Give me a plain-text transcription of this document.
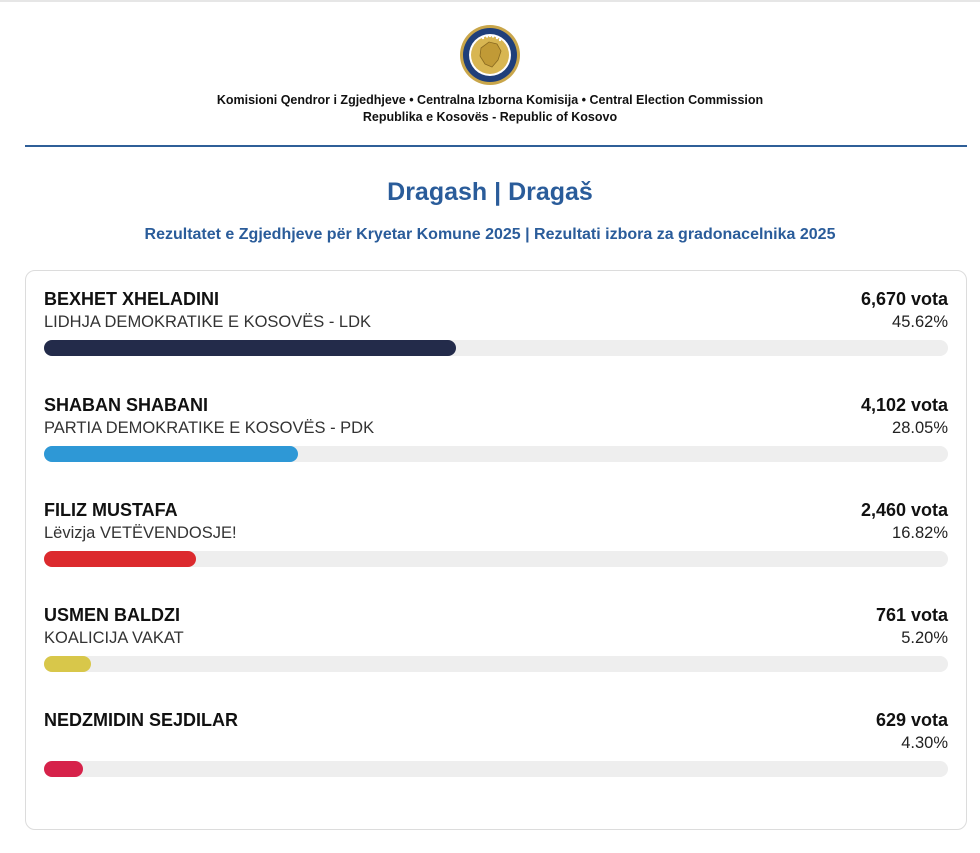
Komisioni Qendror i Zgjedhjeve • Centralna Izborna Komisija • Central Election Commission
Republika e Kosovës - Republic of Kosovo
Dragash | Dragaš
Rezultatet e Zgjedhjeve për Kryetar Komune 2025 | Rezultati izbora za gradonacelnika 2025
BEXHET XHELADINI
LIDHJA DEMOKRATIKE E KOSOVËS - LDK
6,670 vota
45.62%
SHABAN SHABANI
PARTIA DEMOKRATIKE E KOSOVËS - PDK
4,102 vota
28.05%
FILIZ MUSTAFA
Lëvizja VETËVENDOSJE!
2,460 vota
16.82%
USMEN BALDZI
KOALICIJA VAKAT
761 vota
5.20%
NEDZMIDIN SEJDILAR	629 vota
4.30%
